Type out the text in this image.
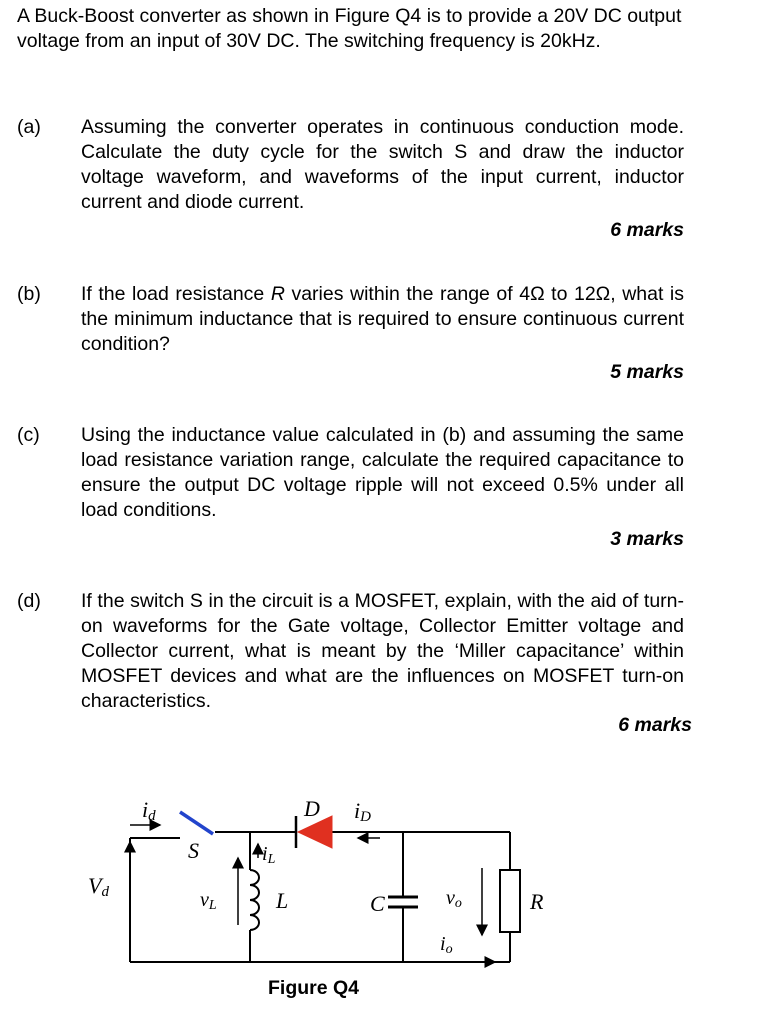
A Buck-Boost converter as shown in Figure Q4 is to provide a 20V DC output voltage from an input of 30V DC. The switching frequency is 20kHz.
(a) Assuming the converter operates in continuous conduction mode. Calculate the duty cycle for the switch S and draw the inductor voltage waveform, and waveforms of the input current, inductor current and diode current.
6 marks
(b) If the load resistance R varies within the range of 4Ω to 12Ω, what is the minimum inductance that is required to ensure continuous current condition?
5 marks
(c) Using the inductance value calculated in (b) and assuming the same load resistance variation range, calculate the required capacitance to ensure the output DC voltage ripple will not exceed 0.5% under all load conditions.
3 marks
(d) If the switch S in the circuit is a MOSFET, explain, with the aid of turn-on waveforms for the Gate voltage, Collector Emitter voltage and Collector current, what is meant by the ‘Miller capacitance’ within MOSFET devices and what are the influences on MOSFET turn-on characteristics.
6 marks
id
S
Vd	vL
iL
L
D iD
C	vo
io
R
Figure Q4
